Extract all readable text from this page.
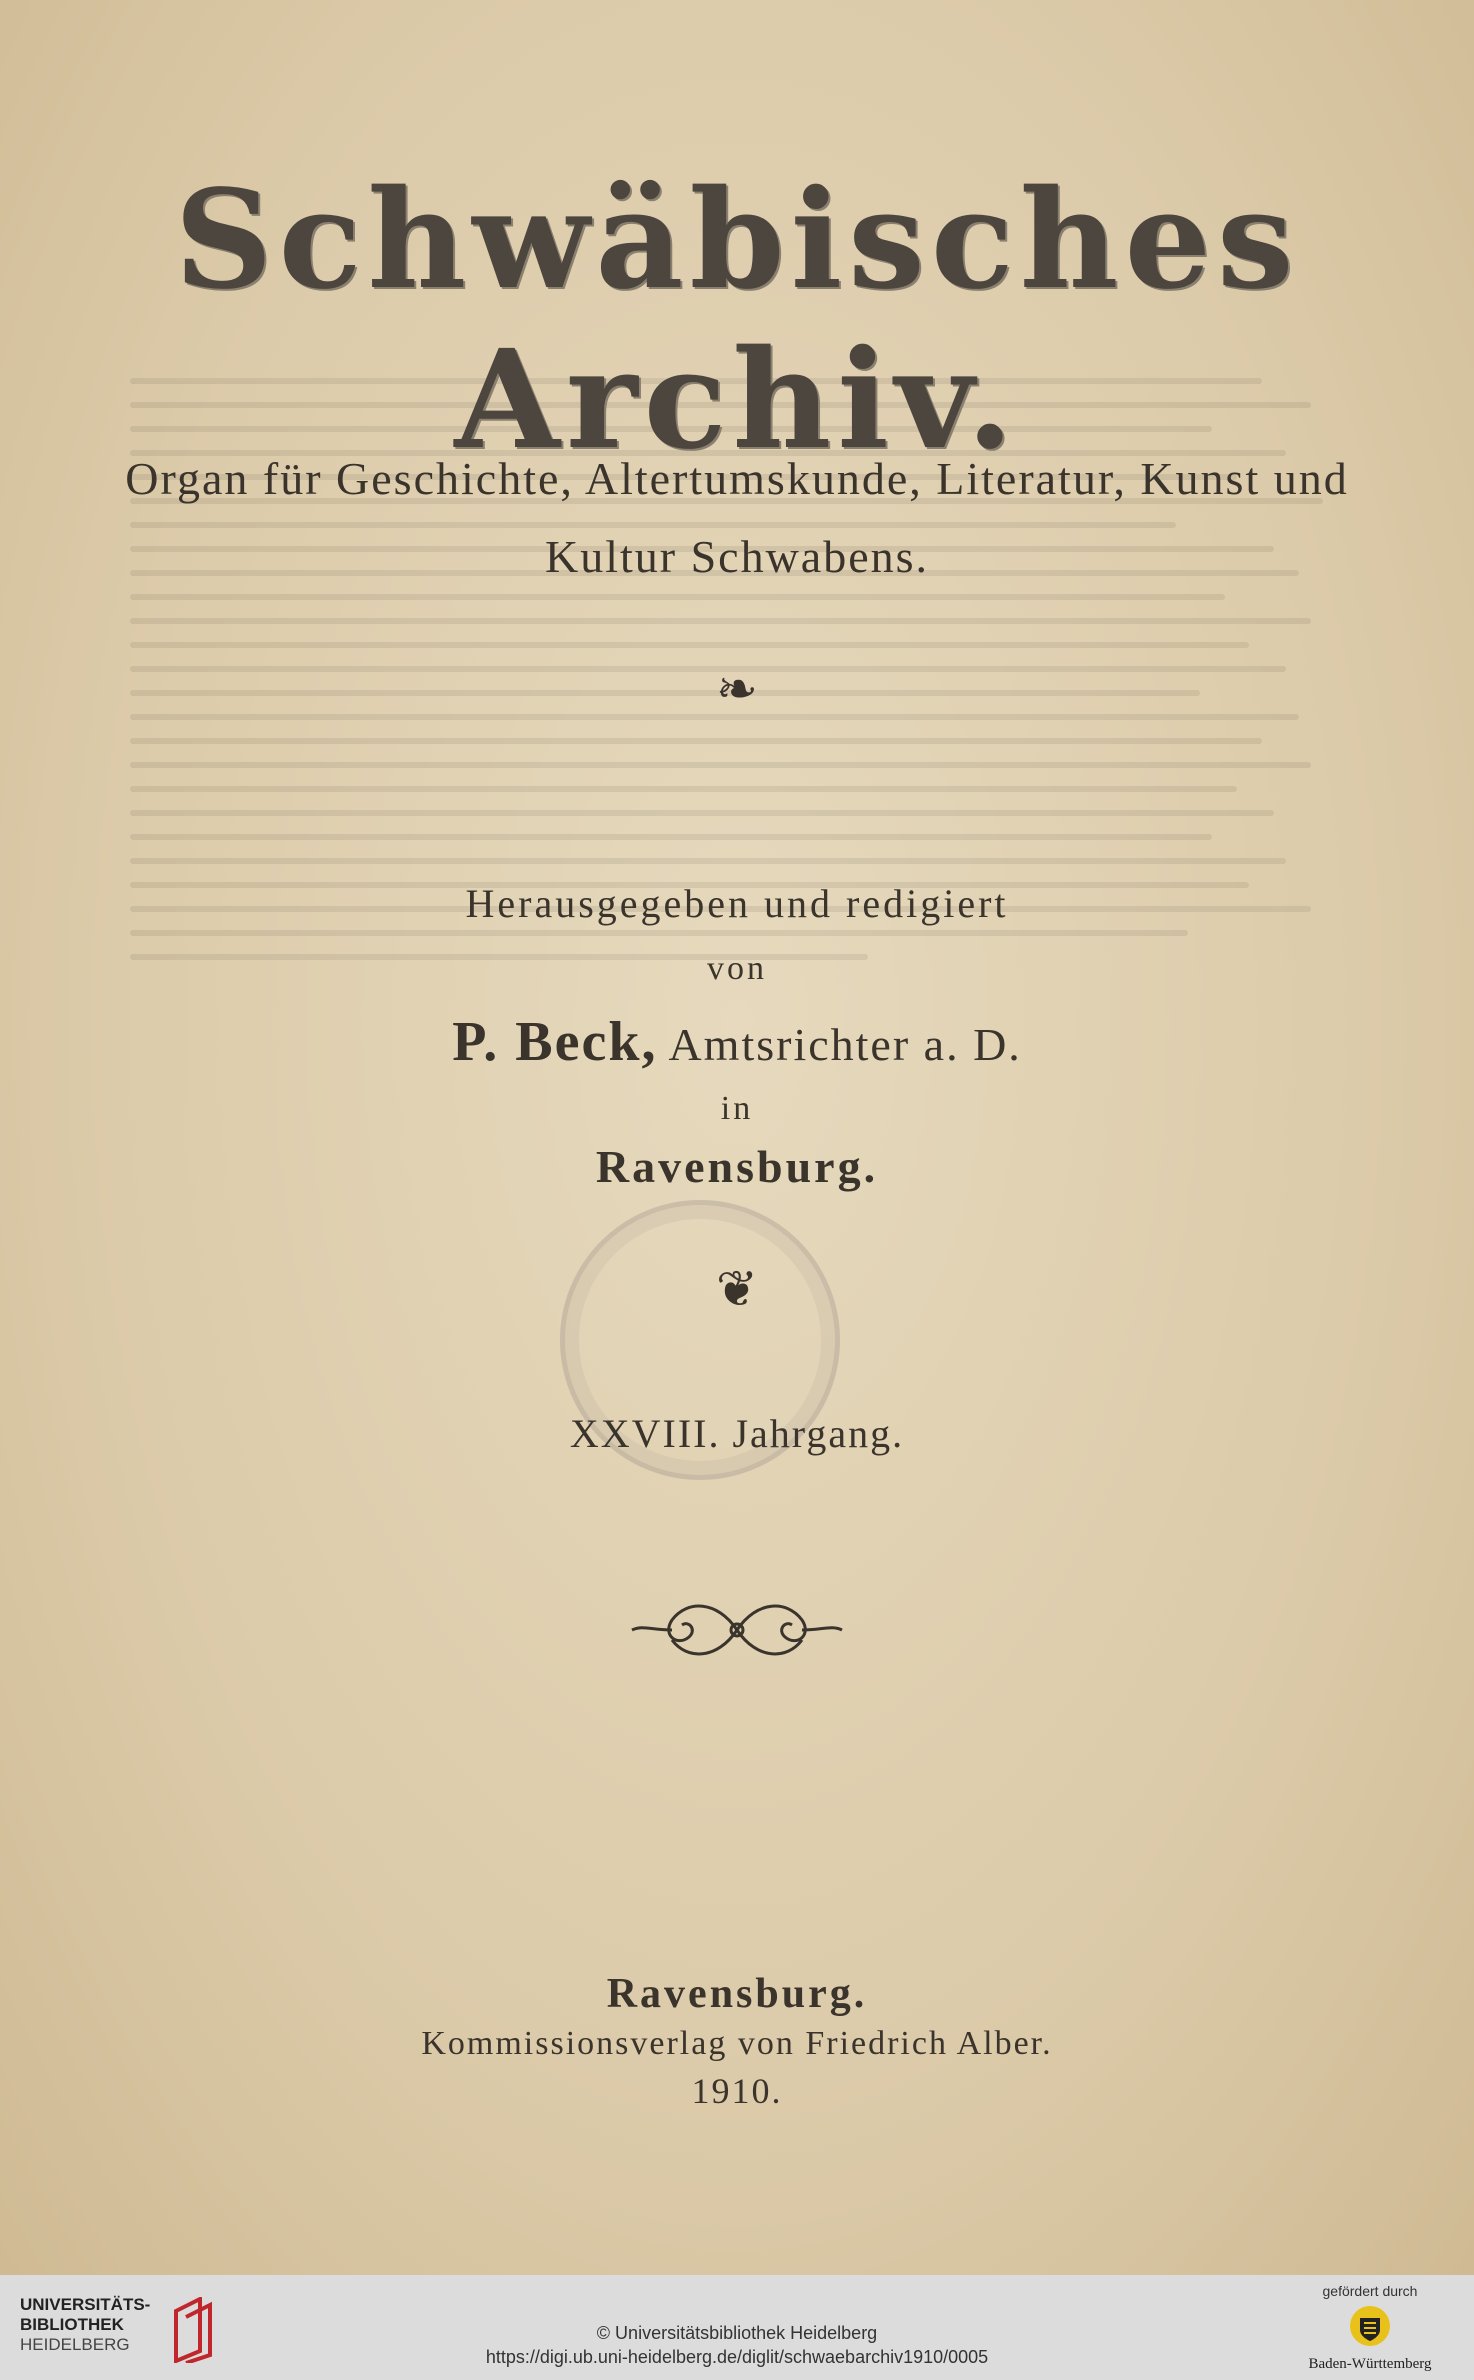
Schwäbisches Archiv.
Organ für Geschichte, Altertumskunde, Literatur, Kunst und Kultur Schwabens.
❧
Herausgegeben und redigiert
von
P. Beck, Amtsrichter a. D.
in
Ravensburg.
❦
XXVIII. Jahrgang.
Ravensburg.
Kommissionsverlag von Friedrich Alber.
1910.
UNIVERSITÄTS-
BIBLIOTHEK
HEIDELBERG
© Universitätsbibliothek Heidelberg
https://digi.ub.uni-heidelberg.de/diglit/schwaebarchiv1910/0005
gefördert durch
Baden-Württemberg
